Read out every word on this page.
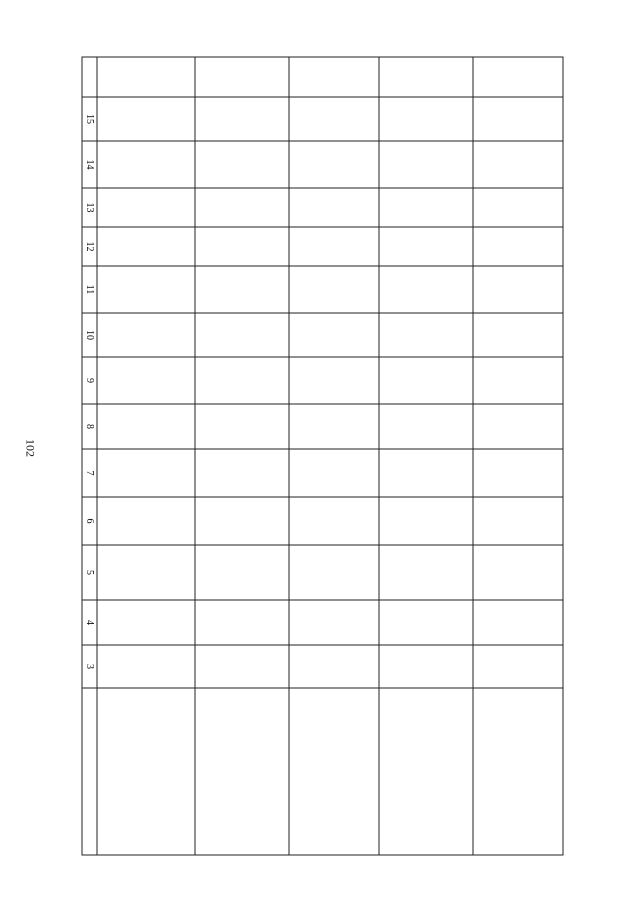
102
3
4
5
6
7
8
9
10
11
12
13
14
15
